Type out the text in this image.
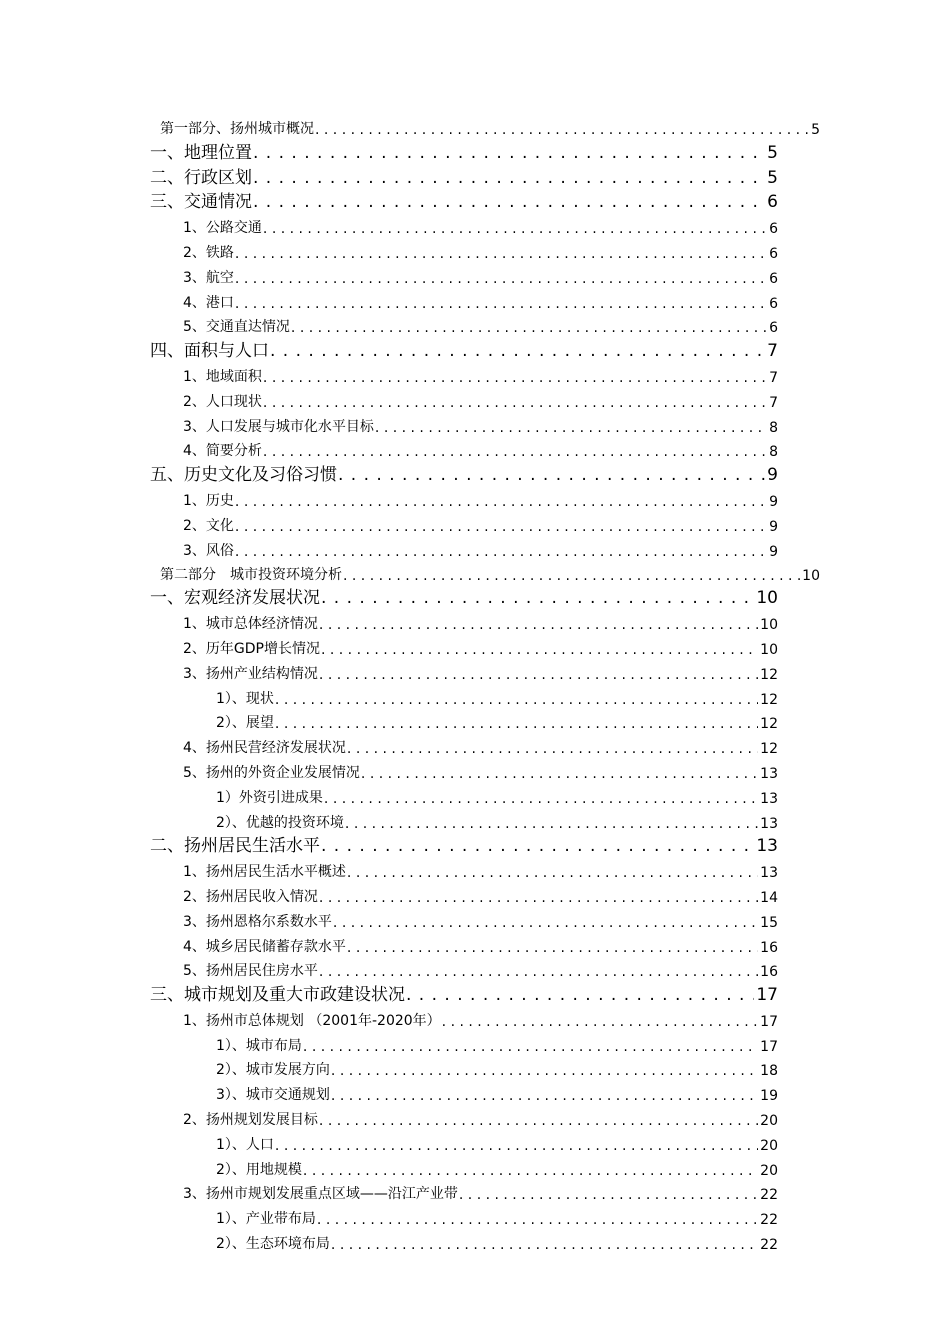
第一部分、扬州城市概况 . . .	5
一、地理位置 . . .	5
二、行政区划 . . .	5
三、交通情况 . . .	6
1、公路交通 . . .	6
2、铁路 . . .	6
3、航空 . . .	6
4、港口 . . .	6
5、交通直达情况 . . .	6
四、面积与人口 . . .	7
1、地域面积 . . .	7
2、人口现状 . . .	7
3、人口发展与城市化水平目标 . . .	8
4、简要分析 . . .	8
五、历史文化及习俗习惯 . . .	9
1、历史 . . .	9
2、文化 . . .	9
3、风俗 . . .	9
第二部分　城市投资环境分析 . . .	10
一、宏观经济发展状况 . . .	10
1、城市总体经济情况 . . .	10
2、历年GDP增长情况 . . .	10
3、扬州产业结构情况 . . .	12
1）、现状 . . .	12
2）、展望 . . .	12
4、扬州民营经济发展状况 . . .	12
5、扬州的外资企业发展情况 . . .	13
1）外资引进成果 . . .	13
2）、优越的投资环境 . . .	13
二、扬州居民生活水平 . . .	13
1、扬州居民生活水平概述 . . .	13
2、扬州居民收入情况 . . .	14
3、扬州恩格尔系数水平 . . .	15
4、城乡居民储蓄存款水平 . . .	16
5、扬州居民住房水平 . . .	16
三、城市规划及重大市政建设状况 . . .	17
1、扬州市总体规划 （2001年-2020年） . . .	17
1）、城市布局 . . .	17
2）、城市发展方向 . . .	18
3）、城市交通规划 . . .	19
2、扬州规划发展目标 . . .	20
1）、人口 . . .	20
2）、用地规模 . . .	20
3、扬州市规划发展重点区域——沿江产业带 . . .	22
1）、产业带布局 . . .	22
2）、生态环境布局 . . .	22
